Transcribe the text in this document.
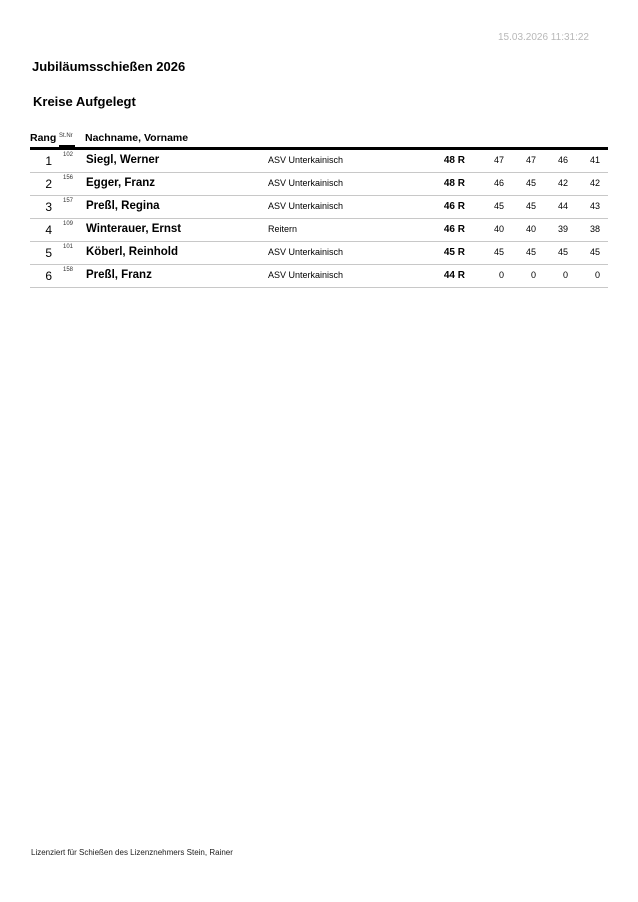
15.03.2026 11:31:22
Jubiläumsschießen 2026
Kreise Aufgelegt
Rang St.Nr Nachname, Vorname
1 102 Siegl, Werner	ASV Unterkainisch	48 R	47	47	46	41
2 156 Egger, Franz	ASV Unterkainisch	48 R	46	45	42	42
3 157 Preßl, Regina	ASV Unterkainisch	46 R	45	45	44	43
4 109 Winterauer, Ernst	Reitern	46 R	40	40	39	38
5 101 Köberl, Reinhold	ASV Unterkainisch	45 R	45	45	45	45
6 158 Preßl, Franz	ASV Unterkainisch	44 R	0	0	0	0
Lizenziert für Schießen des Lizenznehmers Stein, Rainer
